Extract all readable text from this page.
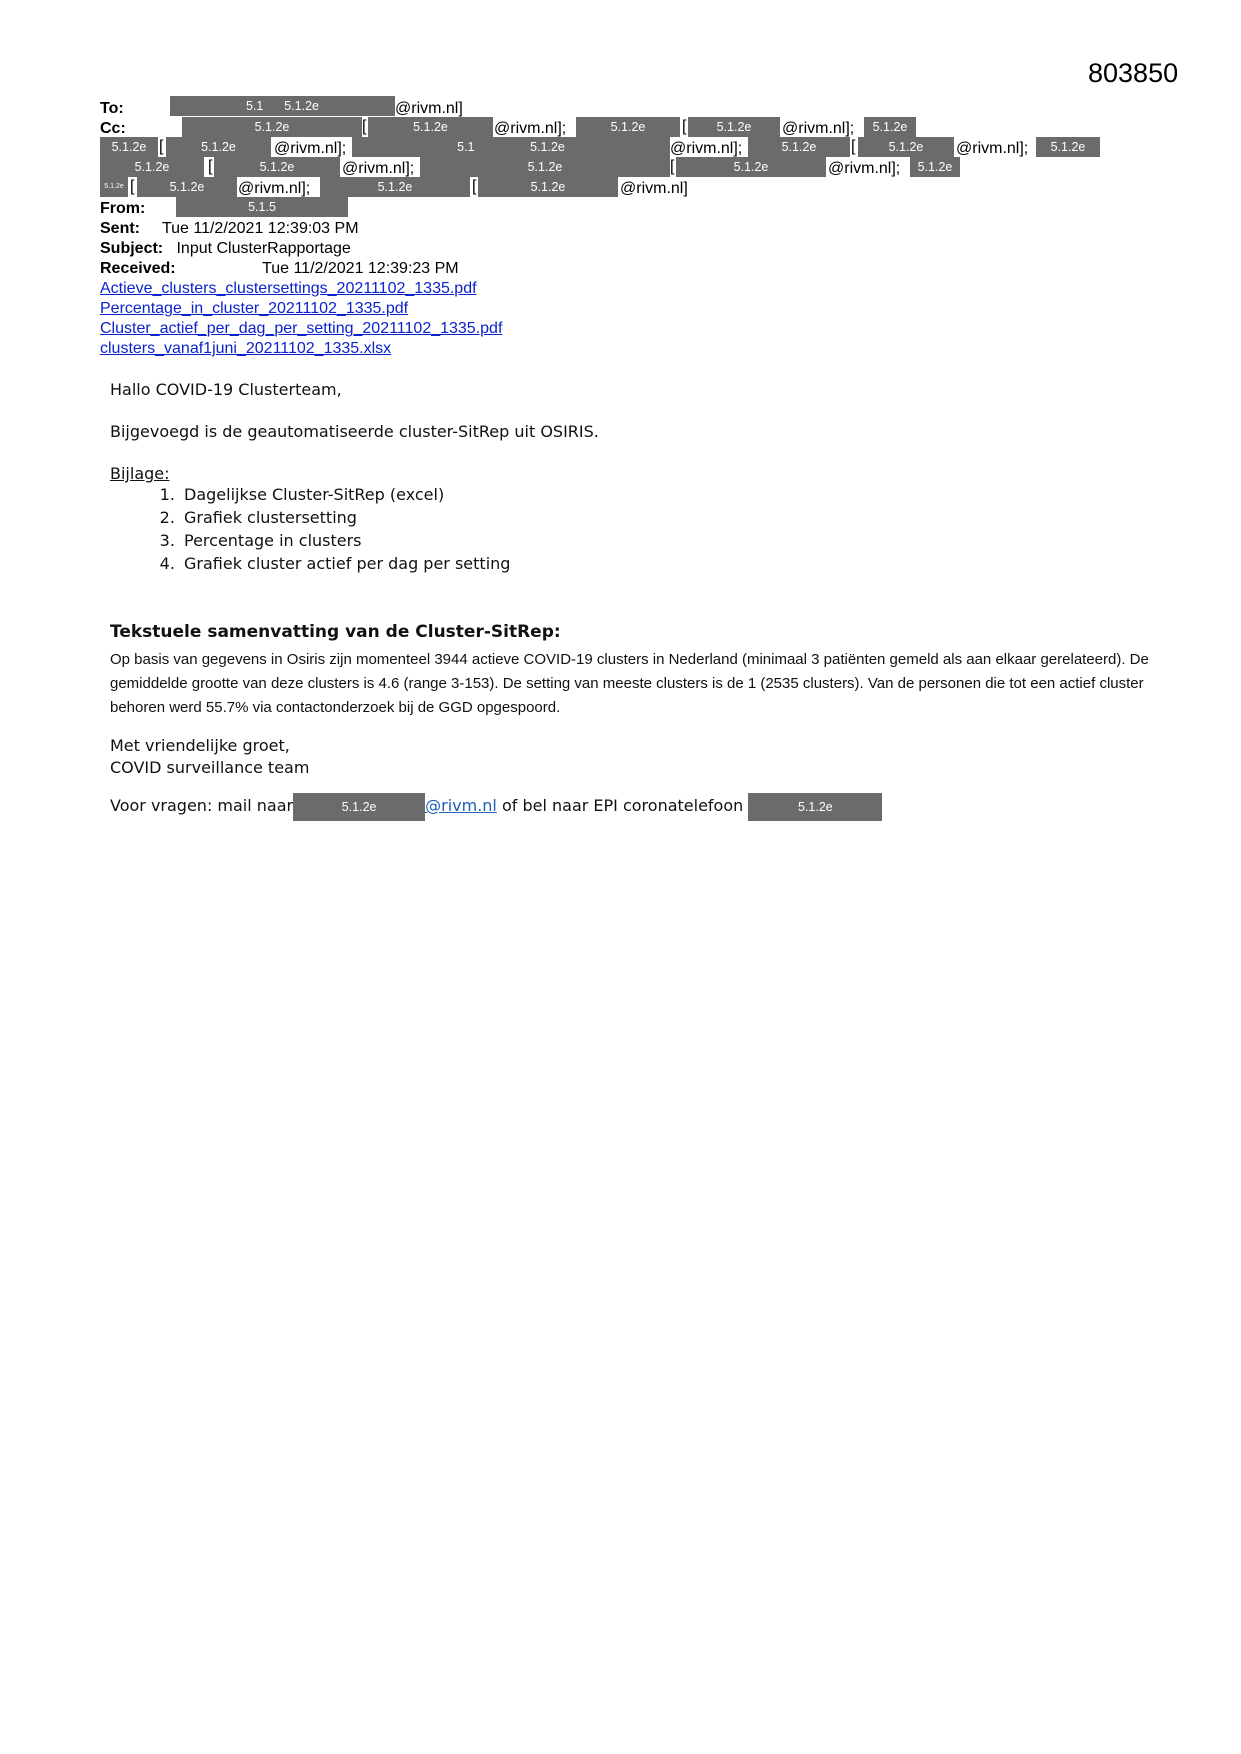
803850
To:	5.1 5.1.2e	@rivm.nl]
Cc:	5.1.2e	[	5.1.2e	@rivm.nl];	5.1.2e	[	5.1.2e	@rivm.nl];	5.1.2e
5.1.2e [	5.1.2e	@rivm.nl];	5.1	5.1.2e	@rivm.nl];	5.1.2e	[	5.1.2e	@rivm.nl];	5.1.2e
5.1.2e	[	5.1.2e	@rivm.nl];	5.1.2e	[	5.1.2e	@rivm.nl];	5.1.2e
5.1.2e [	5.1.2e	@rivm.nl];	5.1.2e	[	5.1.2e	@rivm.nl]
From:	5.1.5
Sent: Tue 11/2/2021 12:39:03 PM
Subject: Input ClusterRapportage
Received:	Tue 11/2/2021 12:39:23 PM
Actieve_clusters_clustersettings_20211102_1335.pdf
Percentage_in_cluster_20211102_1335.pdf
Cluster_actief_per_dag_per_setting_20211102_1335.pdf
clusters_vanaf1juni_20211102_1335.xlsx
Hallo COVID-19 Clusterteam,
Bijgevoegd is de geautomatiseerde cluster-SitRep uit OSIRIS.
Bijlage:
1. Dagelijkse Cluster-SitRep (excel)
2. Grafiek clustersetting
3. Percentage in clusters
4. Grafiek cluster actief per dag per setting
Tekstuele samenvatting van de Cluster-SitRep:
Op basis van gegevens in Osiris zijn momenteel 3944 actieve COVID-19 clusters in Nederland (minimaal 3 patiënten gemeld als aan elkaar gerelateerd). De gemiddelde grootte van deze clusters is 4.6 (range 3-153). De setting van meeste clusters is de 1 (2535 clusters). Van de personen die tot een actief cluster behoren werd 55.7% via contactonderzoek bij de GGD opgespoord.
Met vriendelijke groet,
COVID surveillance team
Voor vragen: mail naar	5.1.2e	@rivm.nl of bel naar EPI coronatelefoon	5.1.2e
